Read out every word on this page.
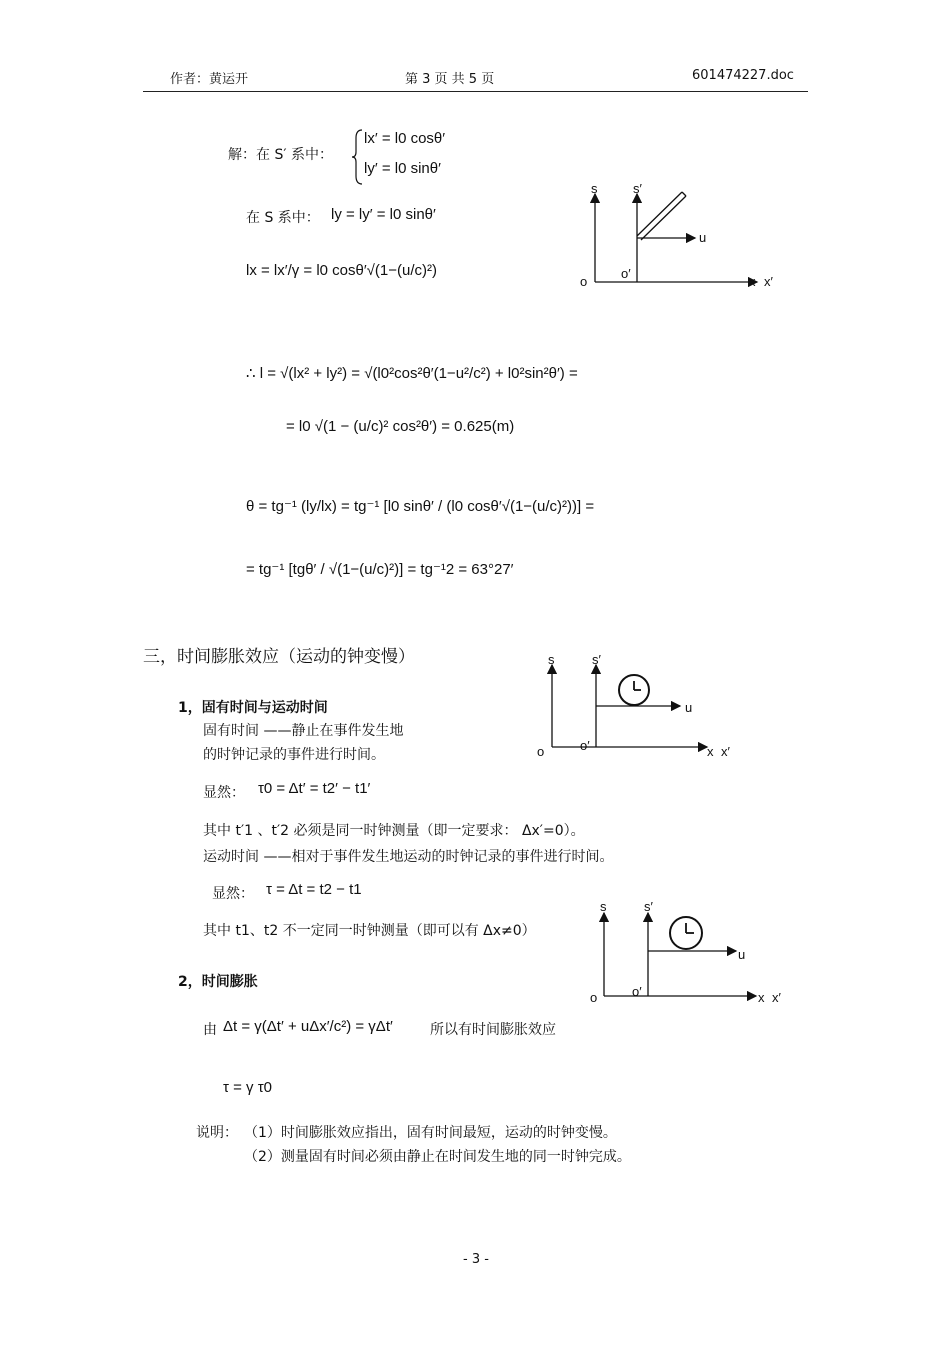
作者：黄运开	第 3 页 共 5 页	601474227.doc
解：在 S′ 系中：
lx′ = l0 cosθ′
ly′ = l0 sinθ′
在 S 系中： ly = ly′ = l0 sinθ′
lx = lx′/γ = l0 cosθ′√(1−(u/c)²)
∴ l = √(lx² + ly²) = √(l0²cos²θ′(1−u²/c²) + l0²sin²θ′) =
= l0 √(1 − (u/c)² cos²θ′) = 0.625(m)
θ = tg⁻¹ (ly/lx) = tg⁻¹ [l0 sinθ′ / (l0 cosθ′√(1−(u/c)²))] =
= tg⁻¹ [tgθ′ / √(1−(u/c)²)] = tg⁻¹2 = 63°27′
s	s′
u
o
o′
x x′
三，时间膨胀效应（运动的钟变慢）
1，固有时间与运动时间
固有时间 ——静止在事件发生地
的时钟记录的事件进行时间。
显然： τ0 = Δt′ = t2′ − t1′
其中 t′1 、t′2 必须是同一时钟测量（即一定要求： Δx′=0）。
运动时间 ——相对于事件发生地运动的时钟记录的事件进行时间。
显然： τ = Δt = t2 − t1
其中 t1、t2 不一定同一时钟测量（即可以有 Δx≠0）
2，时间膨胀
由 Δt = γ(Δt′ + uΔx′/c²) = γΔt′	所以有时间膨胀效应
τ = γ τ0
说明： （1）时间膨胀效应指出，固有时间最短，运动的时钟变慢。
（2）测量固有时间必须由静止在时间发生地的同一时钟完成。
s	s′
u
o	o′	x x′
s	s′
u
o	o′	x x′
- 3 -
